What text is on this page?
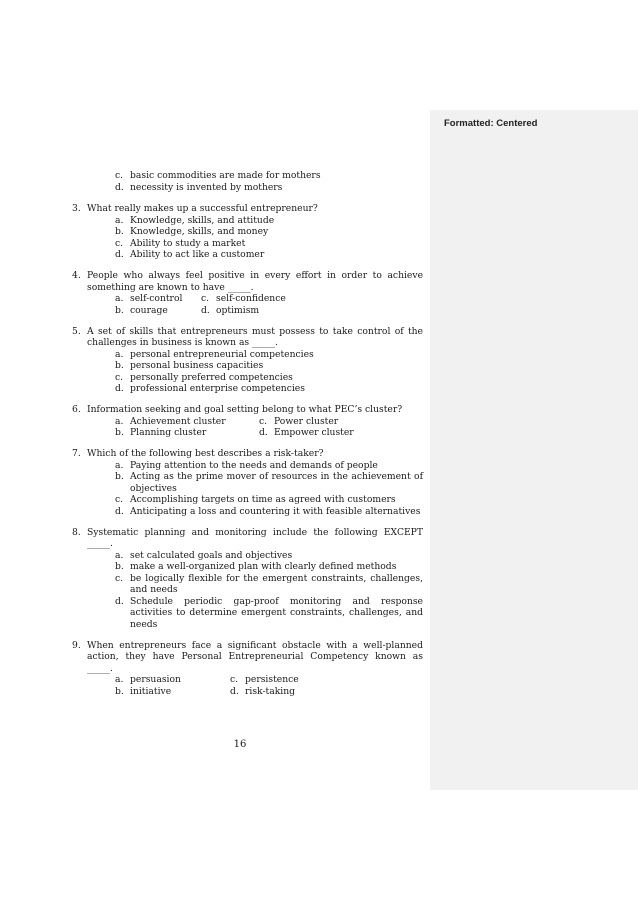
Formatted: Centered
c. basic commodities are made for mothers
d. necessity is invented by mothers
3. What really makes up a successful entrepreneur?
a. Knowledge, skills, and attitude
b. Knowledge, skills, and money
c. Ability to study a market
d. Ability to act like a customer
4. People who always feel positive in every effort in order to achieve something are known to have _____.
a. self-control c. self-confidence
b. courage	d. optimism
5. A set of skills that entrepreneurs must possess to take control of the challenges in business is known as _____.
a. personal entrepreneurial competencies
b. personal business capacities
c. personally preferred competencies
d. professional enterprise competencies
6. Information seeking and goal setting belong to what PEC’s cluster?
a. Achievement cluster	c. Power cluster
b. Planning cluster	d. Empower cluster
7. Which of the following best describes a risk-taker?
a. Paying attention to the needs and demands of people
b. Acting as the prime mover of resources in the achievement of objectives
c. Accomplishing targets on time as agreed with customers
d. Anticipating a loss and countering it with feasible alternatives
8. Systematic planning and monitoring include the following EXCEPT _____.
a. set calculated goals and objectives
b. make a well-organized plan with clearly defined methods
c. be logically flexible for the emergent constraints, challenges, and needs
d. Schedule periodic gap-proof monitoring and response activities to determine emergent constraints, challenges, and needs
9. When entrepreneurs face a significant obstacle with a well-planned action, they have Personal Entrepreneurial Competency known as _____.
a. persuasion	c. persistence
b. initiative	d. risk-taking
16
